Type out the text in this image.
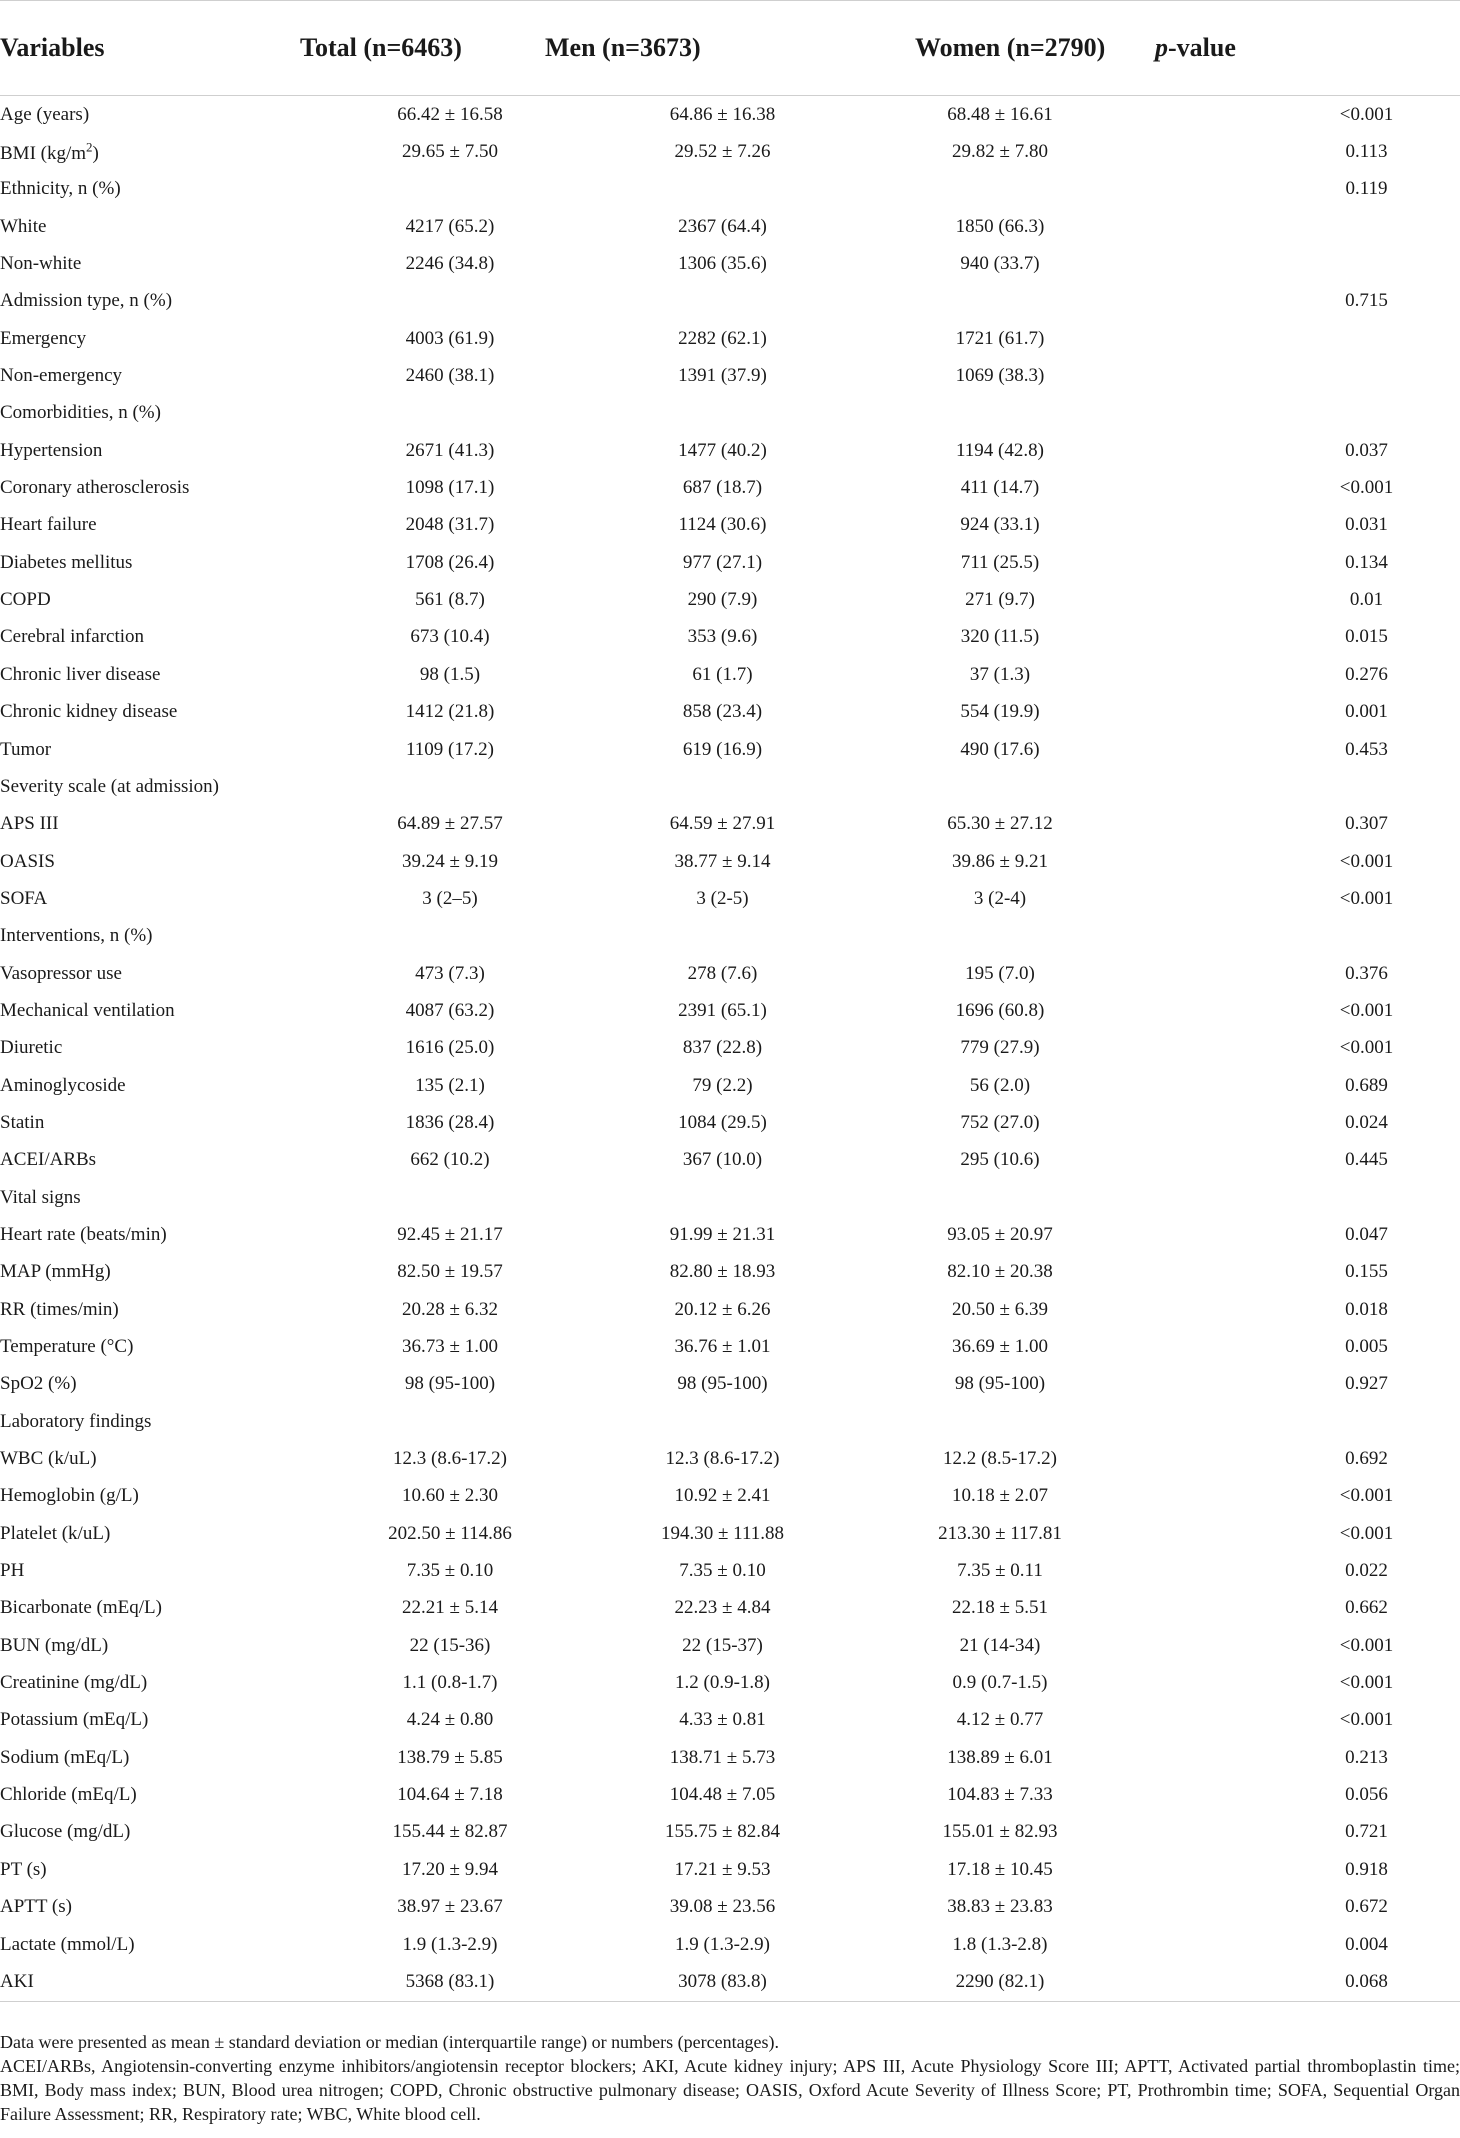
Variables	Total (n=6463)	Men (n=3673)	Women (n=2790)	p-value
Age (years)	66.42 ± 16.58	64.86 ± 16.38	68.48 ± 16.61	<0.001
BMI $(kg/m^2)$	29.65 ± 7.50	29.52 ± 7.26	29.82 ± 7.80	0.113
Ethnicity, n (%)				0.119
White	4217 (65.2)	2367 (64.4)	1850 (66.3)	
Non-white	2246 (34.8)	1306 (35.6)	940 (33.7)	
Admission type, n (%)				0.715
Emergency	4003 (61.9)	2282 (62.1)	1721 (61.7)	
Non-emergency	2460 (38.1)	1391 (37.9)	1069 (38.3)	
Comorbidities, n (%)				
Hypertension	2671 (41.3)	1477 (40.2)	1194 (42.8)	0.037
Coronary atherosclerosis	1098 (17.1)	687 (18.7)	411 (14.7)	<0.001
Heart failure	2048 (31.7)	1124 (30.6)	924 (33.1)	0.031
Diabetes mellitus	1708 (26.4)	977 (27.1)	711 (25.5)	0.134
COPD	561 (8.7)	290 (7.9)	271 (9.7)	0.01
Cerebral infarction	673 (10.4)	353 (9.6)	320 (11.5)	0.015
Chronic liver disease	98 (1.5)	61 (1.7)	37 (1.3)	0.276
Chronic kidney disease	1412 (21.8)	858 (23.4)	554 (19.9)	0.001
Tumor	1109 (17.2)	619 (16.9)	490 (17.6)	0.453
Severity scale (at admission)				
APS III	64.89 ± 27.57	64.59 ± 27.91	65.30 ± 27.12	0.307
OASIS	39.24 ± 9.19	38.77 ± 9.14	39.86 ± 9.21	<0.001
SOFA	3 (2–5)	3 (2-5)	3 (2-4)	<0.001
Interventions, n (%)				
Vasopressor use	473 (7.3)	278 (7.6)	195 (7.0)	0.376
Mechanical ventilation	4087 (63.2)	2391 (65.1)	1696 (60.8)	<0.001
Diuretic	1616 (25.0)	837 (22.8)	779 (27.9)	<0.001
Aminoglycoside	135 (2.1)	79 (2.2)	56 (2.0)	0.689
Statin	1836 (28.4)	1084 (29.5)	752 (27.0)	0.024
ACEI/ARBs	662 (10.2)	367 (10.0)	295 (10.6)	0.445
Vital signs				
Heart rate (beats/min)	92.45 ± 21.17	91.99 ± 21.31	93.05 ± 20.97	0.047
MAP (mmHg)	82.50 ± 19.57	82.80 ± 18.93	82.10 ± 20.38	0.155
RR (times/min)	20.28 ± 6.32	20.12 ± 6.26	20.50 ± 6.39	0.018
Temperature (°C)	36.73 ± 1.00	36.76 ± 1.01	36.69 ± 1.00	0.005
SpO2 (%)	98 (95-100)	98 (95-100)	98 (95-100)	0.927
Laboratory findings				
WBC (k/uL)	12.3 (8.6-17.2)	12.3 (8.6-17.2)	12.2 (8.5-17.2)	0.692
Hemoglobin (g/L)	10.60 ± 2.30	10.92 ± 2.41	10.18 ± 2.07	<0.001
Platelet (k/uL)	202.50 ± 114.86	194.30 ± 111.88	213.30 ± 117.81	<0.001
PH	7.35 ± 0.10	7.35 ± 0.10	7.35 ± 0.11	0.022
Bicarbonate (mEq/L)	22.21 ± 5.14	22.23 ± 4.84	22.18 ± 5.51	0.662
BUN (mg/dL)	22 (15-36)	22 (15-37)	21 (14-34)	<0.001
Creatinine (mg/dL)	1.1 (0.8-1.7)	1.2 (0.9-1.8)	0.9 (0.7-1.5)	<0.001
Potassium (mEq/L)	4.24 ± 0.80	4.33 ± 0.81	4.12 ± 0.77	<0.001
Sodium (mEq/L)	138.79 ± 5.85	138.71 ± 5.73	138.89 ± 6.01	0.213
Chloride (mEq/L)	104.64 ± 7.18	104.48 ± 7.05	104.83 ± 7.33	0.056
Glucose (mg/dL)	155.44 ± 82.87	155.75 ± 82.84	155.01 ± 82.93	0.721
PT (s)	17.20 ± 9.94	17.21 ± 9.53	17.18 ± 10.45	0.918
APTT (s)	38.97 ± 23.67	39.08 ± 23.56	38.83 ± 23.83	0.672
Lactate (mmol/L)	1.9 (1.3-2.9)	1.9 (1.3-2.9)	1.8 (1.3-2.8)	0.004
AKI	5368 (83.1)	3078 (83.8)	2290 (82.1)	0.068

Data were presented as mean ± standard deviation or median (interquartile range) or numbers (percentages).

ACEI/ARBs, Angiotensin-converting enzyme inhibitors/angiotensin receptor blockers; AKI, Acute kidney injury; APS III, Acute Physiology Score III; APTT, Activated partial thromboplastin time; BMI, Body mass index; BUN, Blood urea nitrogen; COPD, Chronic obstructive pulmonary disease; OASIS, Oxford Acute Severity of Illness Score; PT, Prothrombin time; SOFA, Sequential Organ Failure Assessment; RR, Respiratory rate; WBC, White blood cell.
